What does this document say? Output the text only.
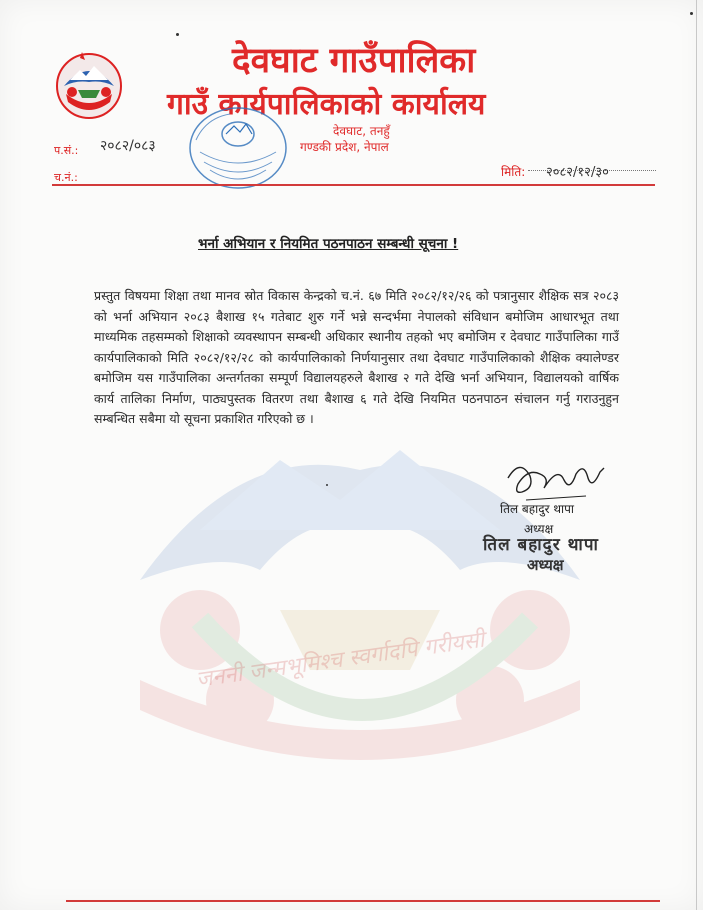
जननी जन्मभूमिश्च स्वर्गादपि गरीयसी
देवघाट गाउँपालिका
गाउँ कार्यपालिकाको कार्यालय
देवघाट, तनहुँ
गण्डकी प्रदेश, नेपाल
प.सं.: २०८२/०८३
च.नं.:	मिति: २०८२/१२/३०
भर्ना अभियान र नियमित पठनपाठन सम्बन्धी सूचना !
प्रस्तुत विषयमा शिक्षा तथा मानव स्रोत विकास केन्द्रको च.नं. ६७ मिति २०८२/१२/२६ को पत्रानुसार शैक्षिक सत्र २०८३ को भर्ना अभियान २०८३ बैशाख १५ गतेबाट शुरु गर्ने भन्ने सन्दर्भमा नेपालको संविधान बमोजिम आधारभूत तथा माध्यमिक तहसम्मको शिक्षाको व्यवस्थापन सम्बन्धी अधिकार स्थानीय तहको भए बमोजिम र देवघाट गाउँपालिका गाउँ कार्यपालिकाको मिति २०८२/१२/२८ को कार्यपालिकाको निर्णयानुसार तथा देवघाट गाउँपालिकाको शैक्षिक क्यालेण्डर बमोजिम यस गाउँपालिका अन्तर्गतका सम्पूर्ण विद्यालयहरुले बैशाख २ गते देखि भर्ना अभियान, विद्यालयको वार्षिक कार्य तालिका निर्माण, पाठ्यपुस्तक वितरण तथा बैशाख ६ गते देखि नियमित पठनपाठन संचालन गर्नु गराउनुहुन सम्बन्धित सबैमा यो सूचना प्रकाशित गरिएको छ ।
तिल बहादुर थापा
अध्यक्ष
तिल बहादुर थापा
अध्यक्ष
